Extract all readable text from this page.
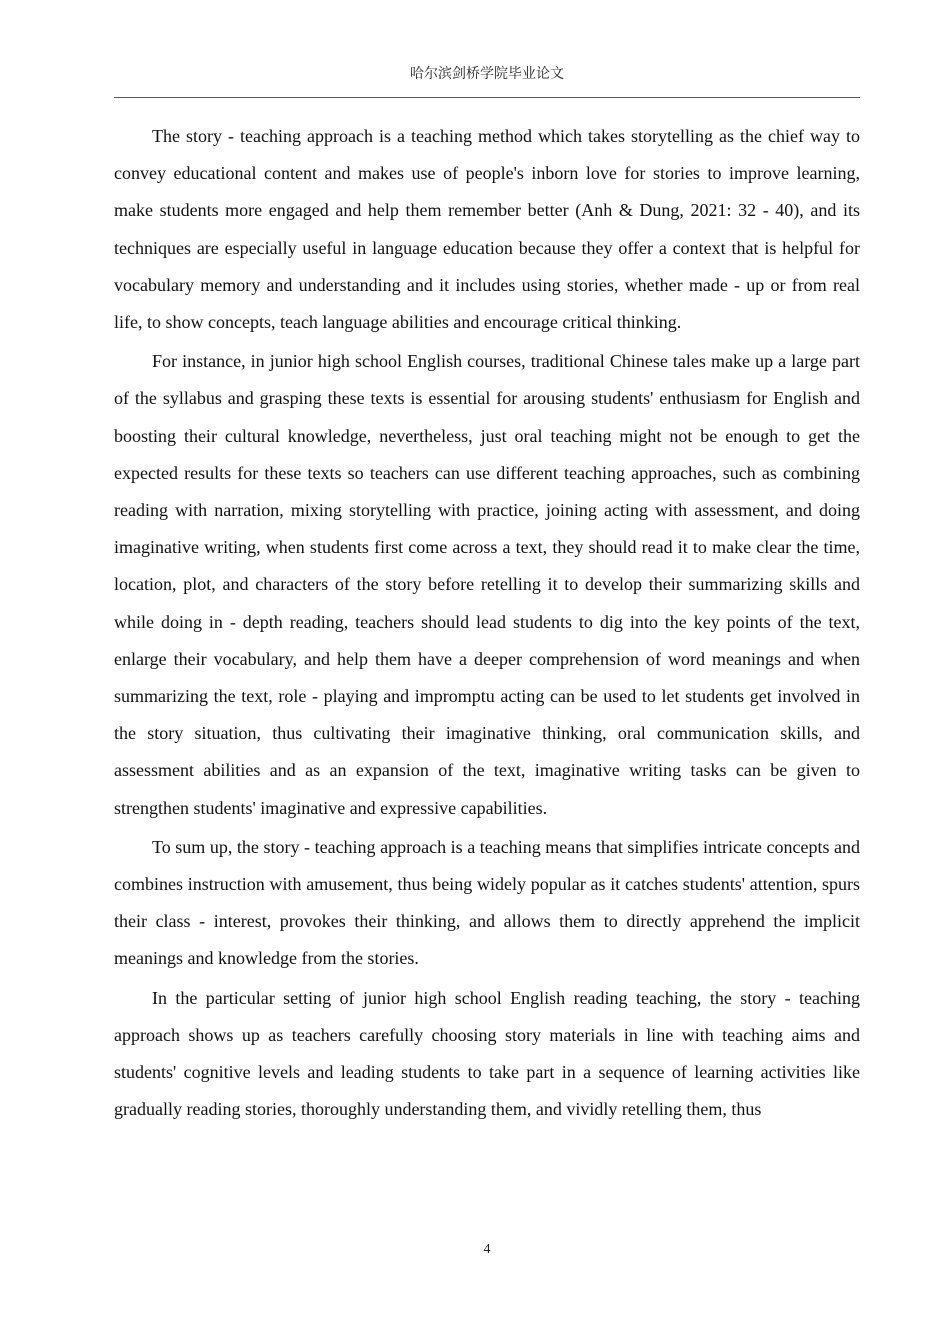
哈尔滨剑桥学院毕业论文

The story - teaching approach is a teaching method which takes storytelling as the chief way to convey educational content and makes use of people's inborn love for stories to improve learning, make students more engaged and help them remember better (Anh & Dung, 2021: 32 - 40), and its techniques are especially useful in language education because they offer a context that is helpful for vocabulary memory and understanding and it includes using stories, whether made - up or from real life, to show concepts, teach language abilities and encourage critical thinking.

For instance, in junior high school English courses, traditional Chinese tales make up a large part of the syllabus and grasping these texts is essential for arousing students' enthusiasm for English and boosting their cultural knowledge, nevertheless, just oral teaching might not be enough to get the expected results for these texts so teachers can use different teaching approaches, such as combining reading with narration, mixing storytelling with practice, joining acting with assessment, and doing imaginative writing, when students first come across a text, they should read it to make clear the time, location, plot, and characters of the story before retelling it to develop their summarizing skills and while doing in - depth reading, teachers should lead students to dig into the key points of the text, enlarge their vocabulary, and help them have a deeper comprehension of word meanings and when summarizing the text, role - playing and impromptu acting can be used to let students get involved in the story situation, thus cultivating their imaginative thinking, oral communication skills, and assessment abilities and as an expansion of the text, imaginative writing tasks can be given to strengthen students' imaginative and expressive capabilities.

To sum up, the story - teaching approach is a teaching means that simplifies intricate concepts and combines instruction with amusement, thus being widely popular as it catches students' attention, spurs their class - interest, provokes their thinking, and allows them to directly apprehend the implicit meanings and knowledge from the stories.

In the particular setting of junior high school English reading teaching, the story - teaching approach shows up as teachers carefully choosing story materials in line with teaching aims and students' cognitive levels and leading students to take part in a sequence of learning activities like gradually reading stories, thoroughly understanding them, and vividly retelling them, thus

4
